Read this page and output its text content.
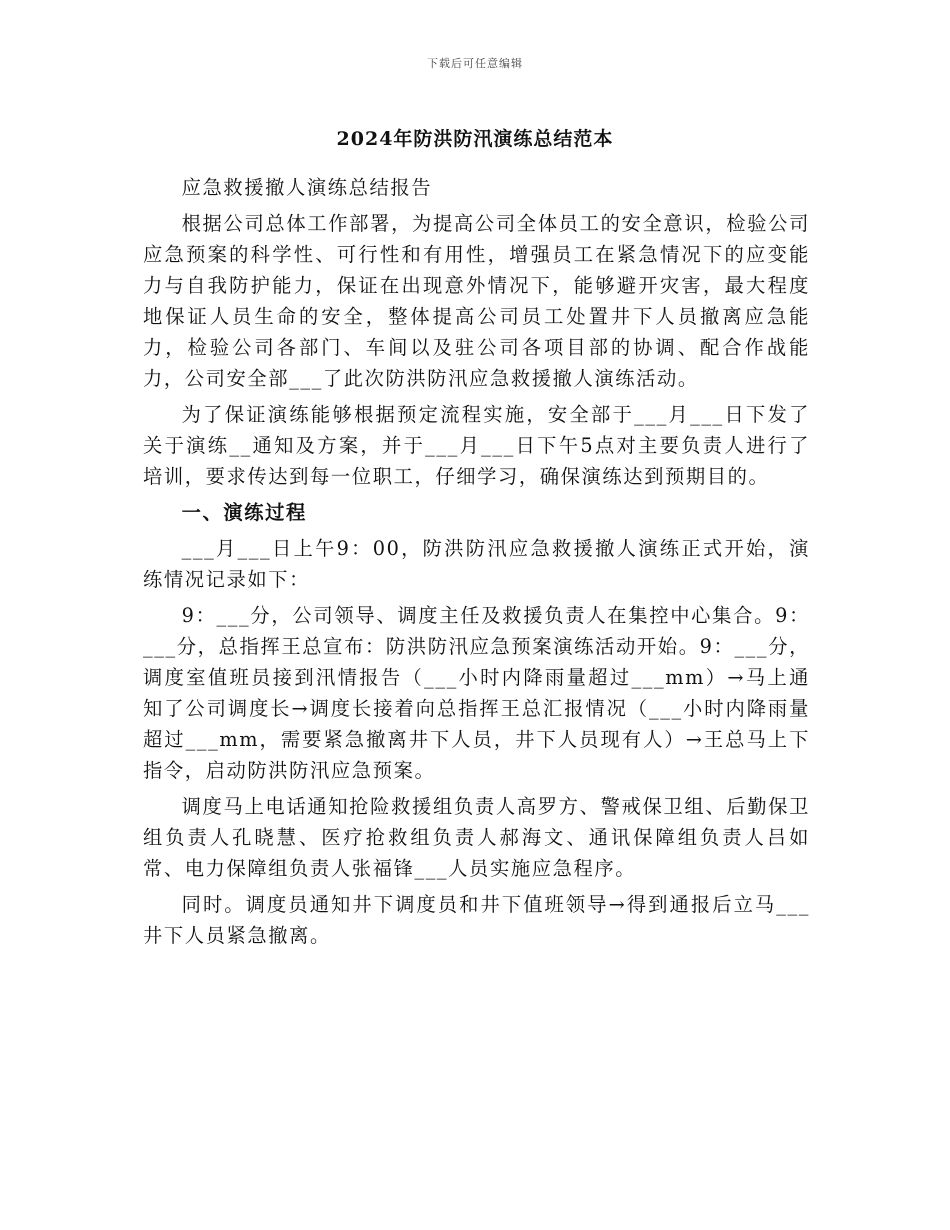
下载后可任意编辑
2024年防洪防汛演练总结范本

应急救援撤人演练总结报告

根据公司总体工作部署，为提高公司全体员工的安全意识，检验公司应急预案的科学性、可行性和有用性，增强员工在紧急情况下的应变能力与自我防护能力，保证在出现意外情况下，能够避开灾害，最大程度地保证人员生命的安全，整体提高公司员工处置井下人员撤离应急能力，检验公司各部门、车间以及驻公司各项目部的协调、配合作战能力，公司安全部___了此次防洪防汛应急救援撤人演练活动。

为了保证演练能够根据预定流程实施，安全部于___月___日下发了关于演练__通知及方案，并于___月___日下午5点对主要负责人进行了培训，要求传达到每一位职工，仔细学习，确保演练达到预期目的。

一、演练过程

___月___日上午9：00，防洪防汛应急救援撤人演练正式开始，演练情况记录如下：

9：___分，公司领导、调度主任及救援负责人在集控中心集合。9：___分，总指挥王总宣布：防洪防汛应急预案演练活动开始。9：___分，调度室值班员接到汛情报告（___小时内降雨量超过___mm）→马上通知了公司调度长→调度长接着向总指挥王总汇报情况（___小时内降雨量超过___mm，需要紧急撤离井下人员，井下人员现有人）→王总马上下指令，启动防洪防汛应急预案。

调度马上电话通知抢险救援组负责人高罗方、警戒保卫组、后勤保卫组负责人孔晓慧、医疗抢救组负责人郝海文、通讯保障组负责人吕如常、电力保障组负责人张福锋___人员实施应急程序。

同时。调度员通知井下调度员和井下值班领导→得到通报后立马___井下人员紧急撤离。
